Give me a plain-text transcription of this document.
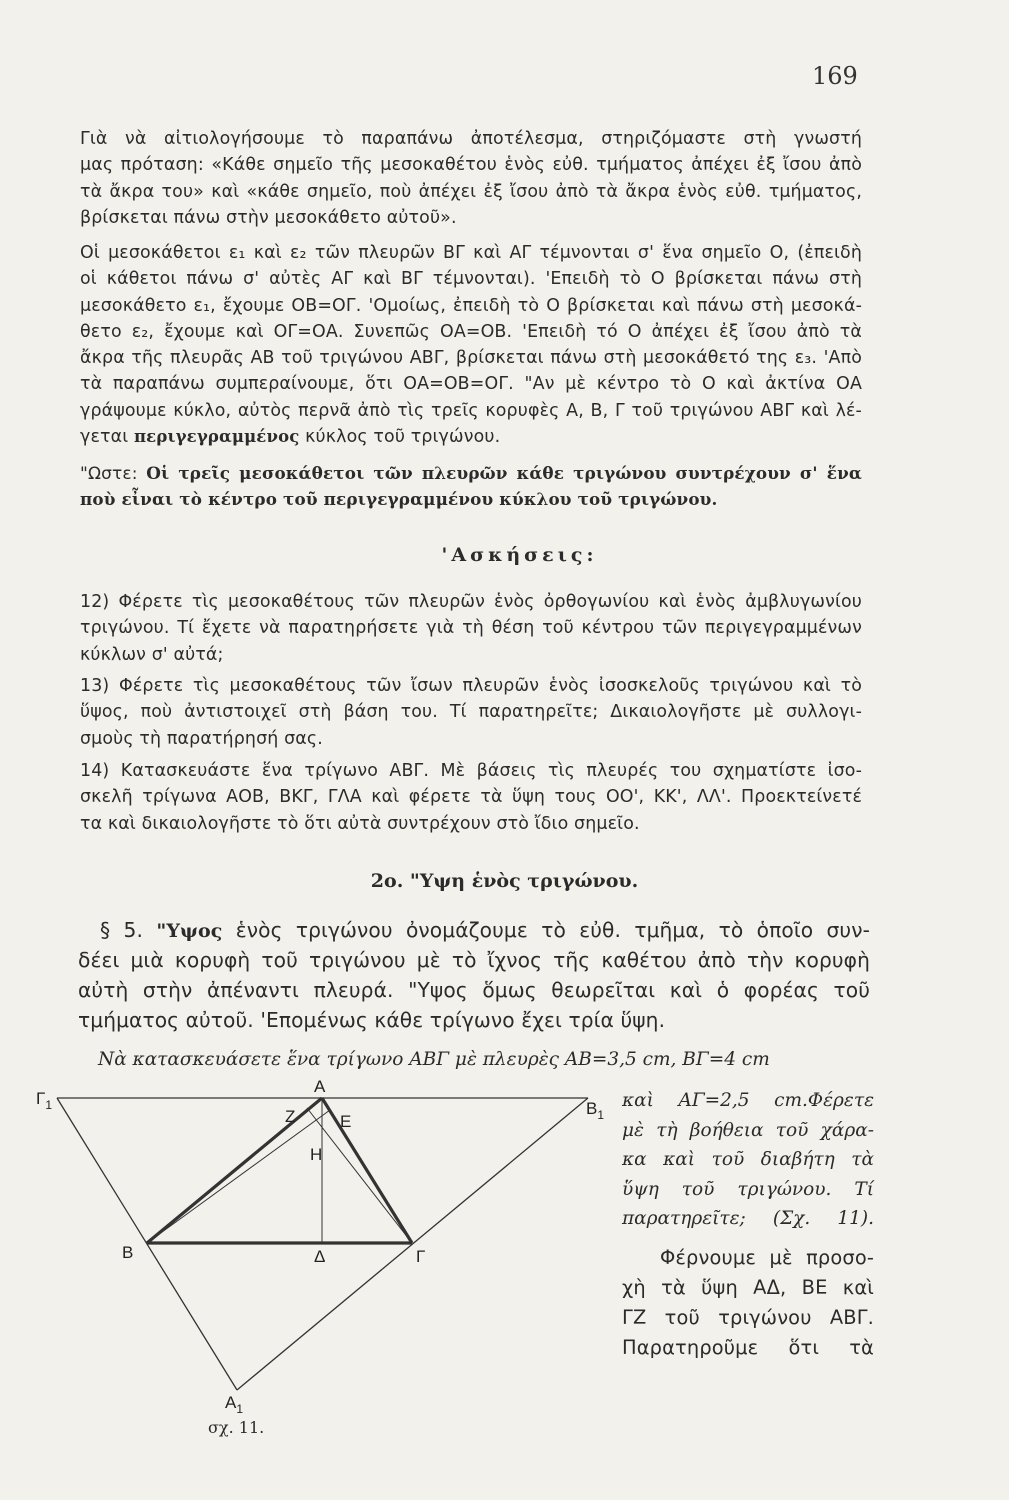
169
Γιὰ νὰ αἰτιολογήσουμε τὸ παραπάνω ἀποτέλεσμα, στηριζόμαστε στὴ γνωστή
μας πρόταση: «Κάθε σημεῖο τῆς μεσοκαθέτου ἑνὸς εὐθ. τμήματος ἀπέχει ἐξ ἴσου ἀπὸ
τὰ ἄκρα του» καὶ «κάθε σημεῖο, ποὺ ἀπέχει ἐξ ἴσου ἀπὸ τὰ ἄκρα ἑνὸς εὐθ. τμήματος,
βρίσκεται πάνω στὴν μεσοκάθετο αὐτοῦ».
Οἱ μεσοκάθετοι ε₁ καὶ ε₂ τῶν πλευρῶν ΒΓ καὶ ΑΓ τέμνονται σ' ἕνα σημεῖο Ο, (ἐπειδὴ
οἱ κάθετοι πάνω σ' αὐτὲς ΑΓ καὶ ΒΓ τέμνονται). 'Επειδὴ τὸ Ο βρίσκεται πάνω στὴ
μεσοκάθετο ε₁, ἔχουμε ΟΒ=ΟΓ. 'Ομοίως, ἐπειδὴ τὸ Ο βρίσκεται καὶ πάνω στὴ μεσοκά-
θετο ε₂, ἔχουμε καὶ ΟΓ=ΟΑ. Συνεπῶς ΟΑ=ΟΒ. 'Επειδὴ τό Ο ἀπέχει ἐξ ἴσου ἀπὸ τὰ
ἄκρα τῆς πλευρᾶς ΑΒ τοῦ τριγώνου ΑΒΓ, βρίσκεται πάνω στὴ μεσοκάθετό της ε₃. 'Απὸ
τὰ παραπάνω συμπεραίνουμε, ὅτι ΟΑ=ΟΒ=ΟΓ. "Αν μὲ κέντρο τὸ Ο καὶ ἀκτίνα ΟΑ
γράψουμε κύκλο, αὐτὸς περνᾶ ἀπὸ τὶς τρεῖς κορυφὲς Α, Β, Γ τοῦ τριγώνου ΑΒΓ καὶ λέ-
γεται περιγεγραμμένος κύκλος τοῦ τριγώνου.
"Ωστε: Οἱ τρεῖς μεσοκάθετοι τῶν πλευρῶν κάθε τριγώνου συντρέχουν σ' ἕνα
ποὺ εἶναι τὸ κέντρο τοῦ περιγεγραμμένου κύκλου τοῦ τριγώνου.
'Ασκήσεις:
12) Φέρετε τὶς μεσοκαθέτους τῶν πλευρῶν ἑνὸς ὀρθογωνίου καὶ ἑνὸς ἀμβλυγωνίου
τριγώνου. Τί ἔχετε νὰ παρατηρήσετε γιὰ τὴ θέση τοῦ κέντρου τῶν περιγεγραμμένων
κύκλων σ' αὐτά;
13) Φέρετε τὶς μεσοκαθέτους τῶν ἴσων πλευρῶν ἑνὸς ἰσοσκελοῦς τριγώνου καὶ τὸ
ὕψος, ποὺ ἀντιστοιχεῖ στὴ βάση του. Τί παρατηρεῖτε; Δικαιολογῆστε μὲ συλλογι-
σμοὺς τὴ παρατήρησή σας.
14) Κατασκευάστε ἕνα τρίγωνο ΑΒΓ. Μὲ βάσεις τὶς πλευρές του σχηματίστε ἰσο-
σκελῆ τρίγωνα ΑΟΒ, ΒΚΓ, ΓΛΑ καὶ φέρετε τὰ ὕψη τους ΟΟ', ΚΚ', ΛΛ'. Προεκτείνετέ
τα καὶ δικαιολογῆστε τὸ ὅτι αὐτὰ συντρέχουν στὸ ἴδιο σημεῖο.
2ο. "Υψη ἑνὸς τριγώνου.
§ 5. "Υψος ἑνὸς τριγώνου ὀνομάζουμε τὸ εὐθ. τμῆμα, τὸ ὁποῖο συν-
δέει μιὰ κορυφὴ τοῦ τριγώνου μὲ τὸ ἴχνος τῆς καθέτου ἀπὸ τὴν κορυφὴ
αὐτὴ στὴν ἀπέναντι πλευρά. "Υψος ὅμως θεωρεῖται καὶ ὁ φορέας τοῦ
τμήματος αὐτοῦ. 'Επομένως κάθε τρίγωνο ἔχει τρία ὕψη.
Νὰ κατασκευάσετε ἕνα τρίγωνο ΑΒΓ μὲ πλευρὲς ΑΒ=3,5 cm, ΒΓ=4 cm
καὶ ΑΓ=2,5 cm.Φέρετε
μὲ τὴ βοήθεια τοῦ χάρα-
κα καὶ τοῦ διαβήτη τὰ
ὕψη τοῦ τριγώνου. Τί
παρατηρεῖτε; (Σχ. 11).
Φέρνουμε μὲ προσο-
χὴ τὰ ὕψη ΑΔ, ΒΕ καὶ
ΓΖ τοῦ τριγώνου ΑΒΓ.
Παρατηροῦμε ὅτι τὰ
Α
Β	Γ
Δ
Ε
Ζ
Η
$\Gamma_1$	$B_1$
$A_1$
σχ. 11.
